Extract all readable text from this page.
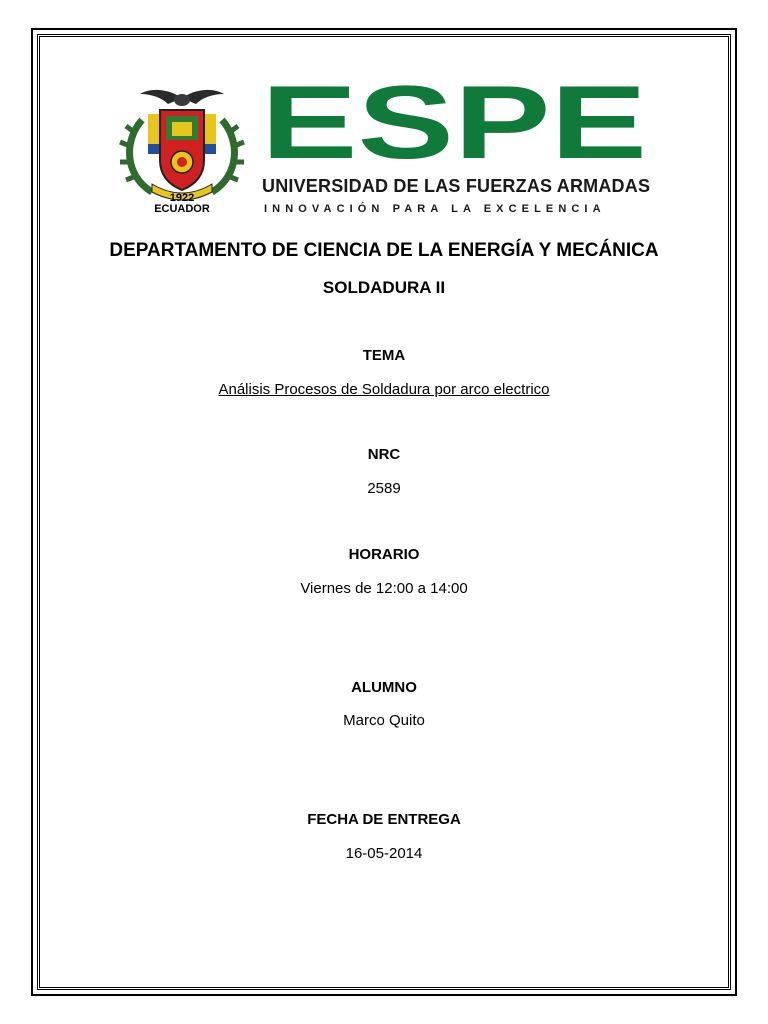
1922
ECUADOR
ESPE
UNIVERSIDAD DE LAS FUERZAS ARMADAS
INNOVACIÓN PARA LA EXCELENCIA
DEPARTAMENTO DE CIENCIA DE LA ENERGÍA Y MECÁNICA
SOLDADURA II
TEMA
Análisis Procesos de Soldadura por arco electrico
NRC
2589
HORARIO
Viernes de 12:00 a 14:00
ALUMNO
Marco Quito
FECHA DE ENTREGA
16-05-2014
